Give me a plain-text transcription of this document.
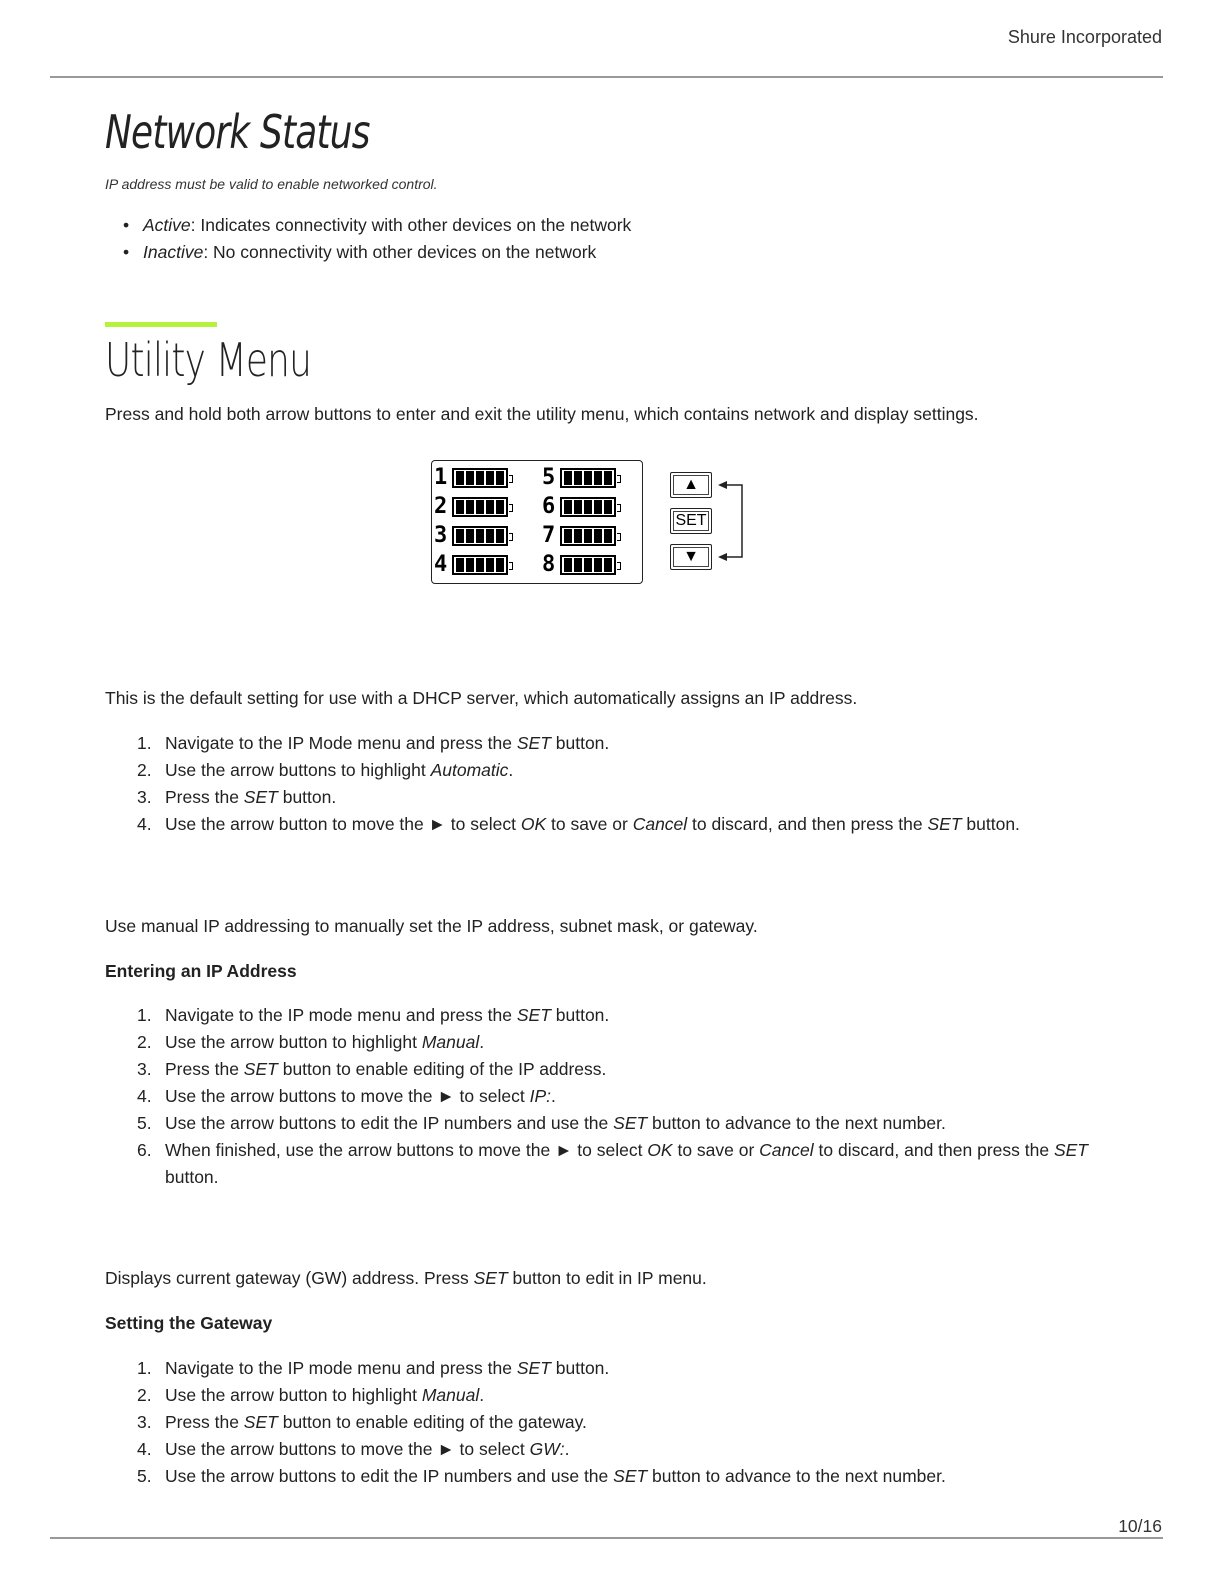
Shure Incorporated
Network Status
IP address must be valid to enable networked control.
• Active: Indicates connectivity with other devices on the network
• Inactive: No connectivity with other devices on the network
Utility Menu
Press and hold both arrow buttons to enter and exit the utility menu, which contains network and display settings.
1
2
3
4
5
6
7
8
▲
SET
▼
This is the default setting for use with a DHCP server, which automatically assigns an IP address.
1. Navigate to the IP Mode menu and press the SET button.
2. Use the arrow buttons to highlight Automatic.
3. Press the SET button.
4. Use the arrow button to move the ► to select OK to save or Cancel to discard, and then press the SET button.
Use manual IP addressing to manually set the IP address, subnet mask, or gateway.
Entering an IP Address
1. Navigate to the IP mode menu and press the SET button.
2. Use the arrow button to highlight Manual.
3. Press the SET button to enable editing of the IP address.
4. Use the arrow buttons to move the ► to select IP:.
5. Use the arrow buttons to edit the IP numbers and use the SET button to advance to the next number.
6. When finished, use the arrow buttons to move the ► to select OK to save or Cancel to discard, and then press the SET button.
Displays current gateway (GW) address. Press SET button to edit in IP menu.
Setting the Gateway
1. Navigate to the IP mode menu and press the SET button.
2. Use the arrow button to highlight Manual.
3. Press the SET button to enable editing of the gateway.
4. Use the arrow buttons to move the ► to select GW:.
5. Use the arrow buttons to edit the IP numbers and use the SET button to advance to the next number.
10/16
